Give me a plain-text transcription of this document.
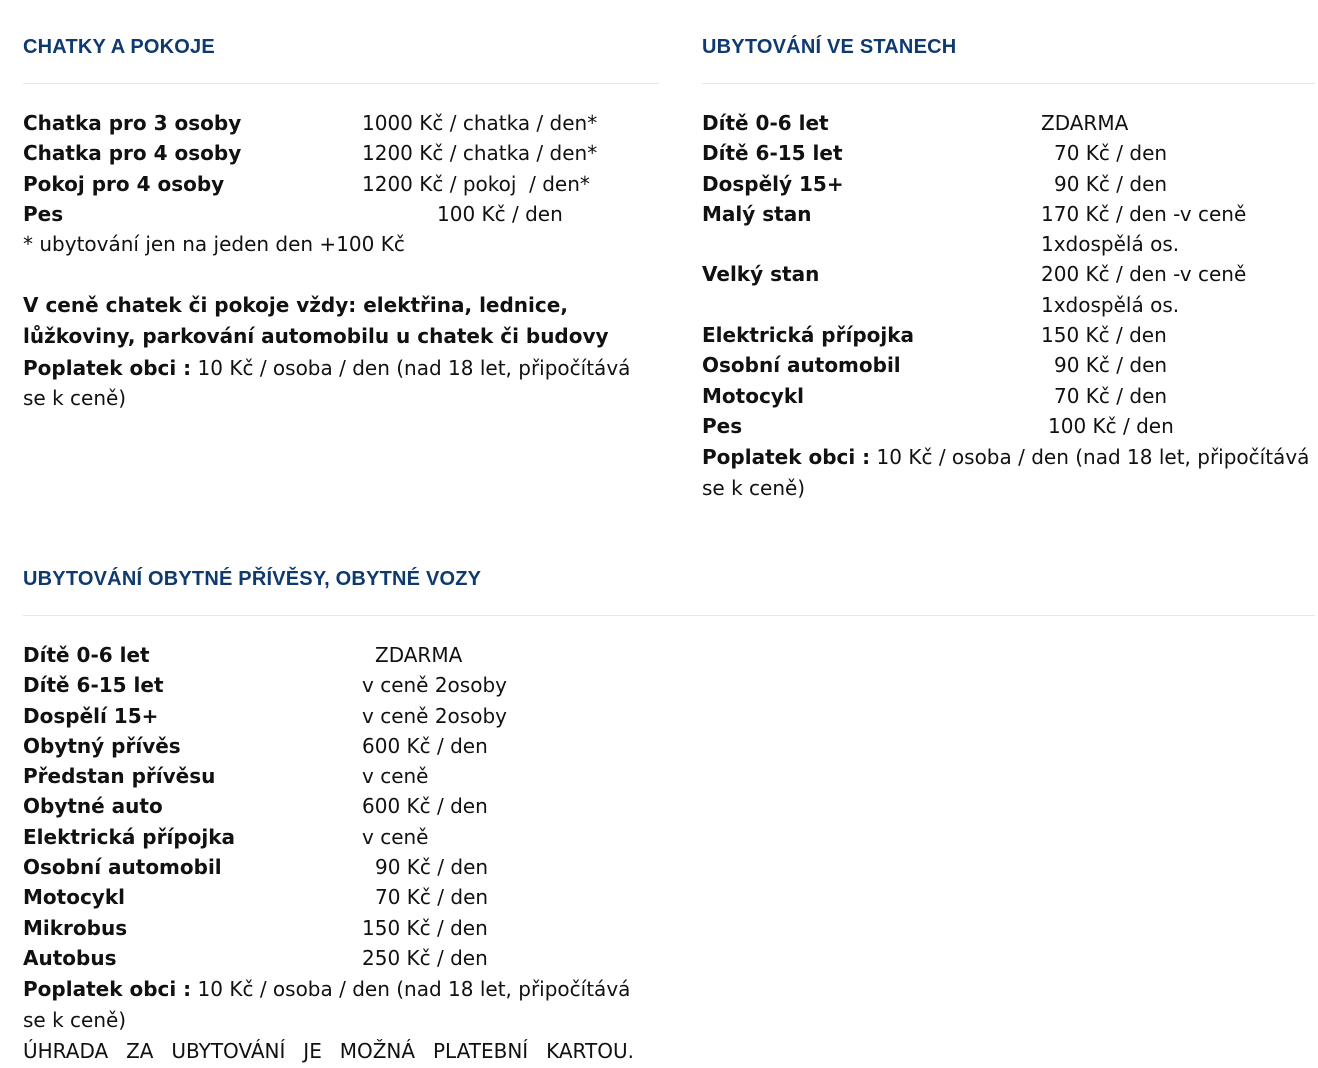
CHATKY A POKOJE
Chatka pro 3 osoby	1000 Kč / chatka / den*
Chatka pro 4 osoby	1200 Kč / chatka / den*
Pokoj pro 4 osoby	1200 Kč / pokoj  / den*
Pes	100 Kč / den

* ubytování jen na jeden den +100 Kč

V ceně chatek či pokoje vždy: elektřina, lednice, lůžkoviny, parkování automobilu u chatek či budovy

Poplatek obci : 10 Kč / osoba / den (nad 18 let, připočítává se k ceně)

UBYTOVÁNÍ VE STANECH
Dítě 0-6 let	ZDARMA
Dítě 6-15 let	70 Kč / den
Dospělý 15+	90 Kč / den
Malý stan	170 Kč / den -v ceně 1xdospělá os.
Velký stan	200 Kč / den -v ceně 1xdospělá os.
Elektrická přípojka	150 Kč / den
Osobní automobil	90 Kč / den
Motocykl	70 Kč / den
Pes	100 Kč / den

Poplatek obci : 10 Kč / osoba / den (nad 18 let, připočítává se k ceně)

UBYTOVÁNÍ OBYTNÉ PŘÍVĚSY, OBYTNÉ VOZY
Dítě 0-6 let	ZDARMA
Dítě 6-15 let	v ceně 2osoby
Dospělí 15+	v ceně 2osoby
Obytný přívěs	600 Kč / den
Předstan přívěsu	v ceně
Obytné auto	600 Kč / den
Elektrická přípojka	v ceně
Osobní automobil	90 Kč / den
Motocykl	70 Kč / den
Mikrobus	150 Kč / den
Autobus	250 Kč / den

Poplatek obci : 10 Kč / osoba / den (nad 18 let, připočítává se k ceně)

ÚHRADA ZA UBYTOVÁNÍ JE MOŽNÁ PLATEBNÍ KARTOU.
